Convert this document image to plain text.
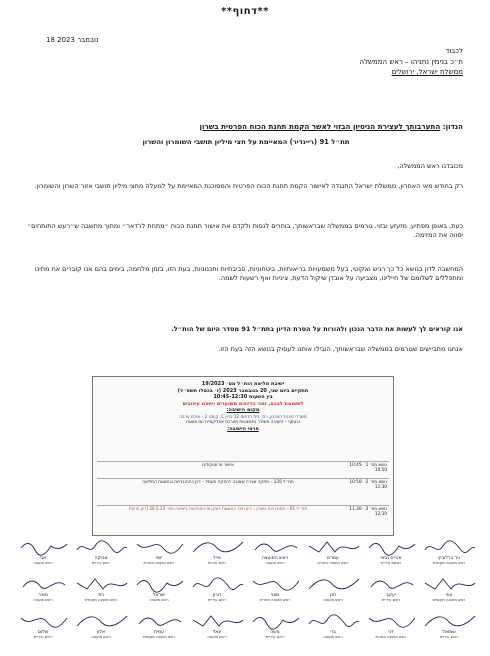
**דחוף**
18 נובמבר 2023
לכבוד
ח״כ בנימין נתניהו – ראש הממשלה
ממשלת ישראל, ירושלים
הנדון: התערבותך לעצירת הניסיון הבזוי לאשר הקמת תחנת הכוח הפרטית בשרון
תת״ל 91 (ריינדיר) המאיימת על חצי מיליון תושבי השומרון והשרון
מכובדנו ראש הממשלה,
רק בחודש מאי האחרון, ממשלת ישראל התנגדה לאישור הקמת תחנת הכוח הפרטית והמסוכנת המאיימת על למעלה מחצי מיליון תושבי אזור השרון והשומרון.
כעת, באופן מפתיע, מזעזע ובזוי, גורמים בממשלה שבראשותך, בוחרים לנסות ולקדם את אישור תחנת הכוח ״מתחת לרדאר״ ומתוך מחשבה ש״רעש התותחים״ יסווה את המזימה.
המחשבה לדון בנושא כל כך רגיש ואקוטי, בעל משמעויות בריאותיות, ביטחוניות, סביבתיות ותכנוניות, בעת הזו, בזמן מלחמה, בימים בהם אנו קוברים את מתינו ומתפללים לשלומם של חיילינו, מצביעה על אובדן שיקול הדעת, ציניות ואף רשעות לשמה.
אנו קוראים לך לעשות את הדבר הנכון ולהורות על הסרת הדיון בתת״ל 91 מסדר היום של הות״ל.
אנחנו מתביישים שגורמים בממשלה שבראשותך, הובילו אותנו לעסוק בנושא הזה בעת הזו.
ישיבת מליאת הות״ל מס׳ 19/2023
תתקיים ביום שני, 20 בנובמבר 2023 (ז׳ בכסלו תשפ״ד)
בין השעות 10:45-12:30
לתשומת לבכם, זמני הדיונים משוערים ויתכנו עיכובים
מקום הישיבה:
משרדי מינהל התכנון, רח׳ בית הדפוס 12 בניין C, קומה 2 – אולם ערבה
ובנוסף – הישיבה תשודר באמצעות מערכת אפליקציית זום ומצגת
פרטי הישיבה:
נושא מס׳ 1: 10:45-10:50
אישור פרוטוקולים
נושא מס׳ 2: 10:50-11:30
תת״ל 135 – מתקני אגירה שאובה להפקת חשמל – דיון בהתנגדויות ובהשגות המליאה
נושא מס׳ 3: 11:30-12:30
תת״ל 91 – תחנת כוח בשרון – דיון חוזר בהשגות בעקבות ההחלטה בישיבה מס׳ 26.5.23 (דיון פנימי)
ניר ברלוביץ
ראש מועצה מקומית
אורית גבאי
ראשת עיריית
עמרם
ראש מועצה אזורית
ראש המועצה
ראש מועצה
אייל
ראש עיריית
יוסי
ראש מועצה אזורית
צביקה
ראש עיריית
אבי
ראש מועצה
עוזי
ראש מועצה מקומית
יעקב
ראש עיריית
חנן
ראש מועצה
מוטי
ראש מועצה אזורית
דורון
ראש עיריית
ישראל
ראש מועצה
רפי
ראש מועצה מקומית
מאיר
ראש מועצה
שמואל
ראש עיריית
דני
ראש מועצה אזורית
גדי
ראש מועצה
משה
ראש עיריית
יגאל
ראש מועצה
עמית
ראש מועצה מקומית
אלון
ראש מועצה
שלום
ראש עיריית
